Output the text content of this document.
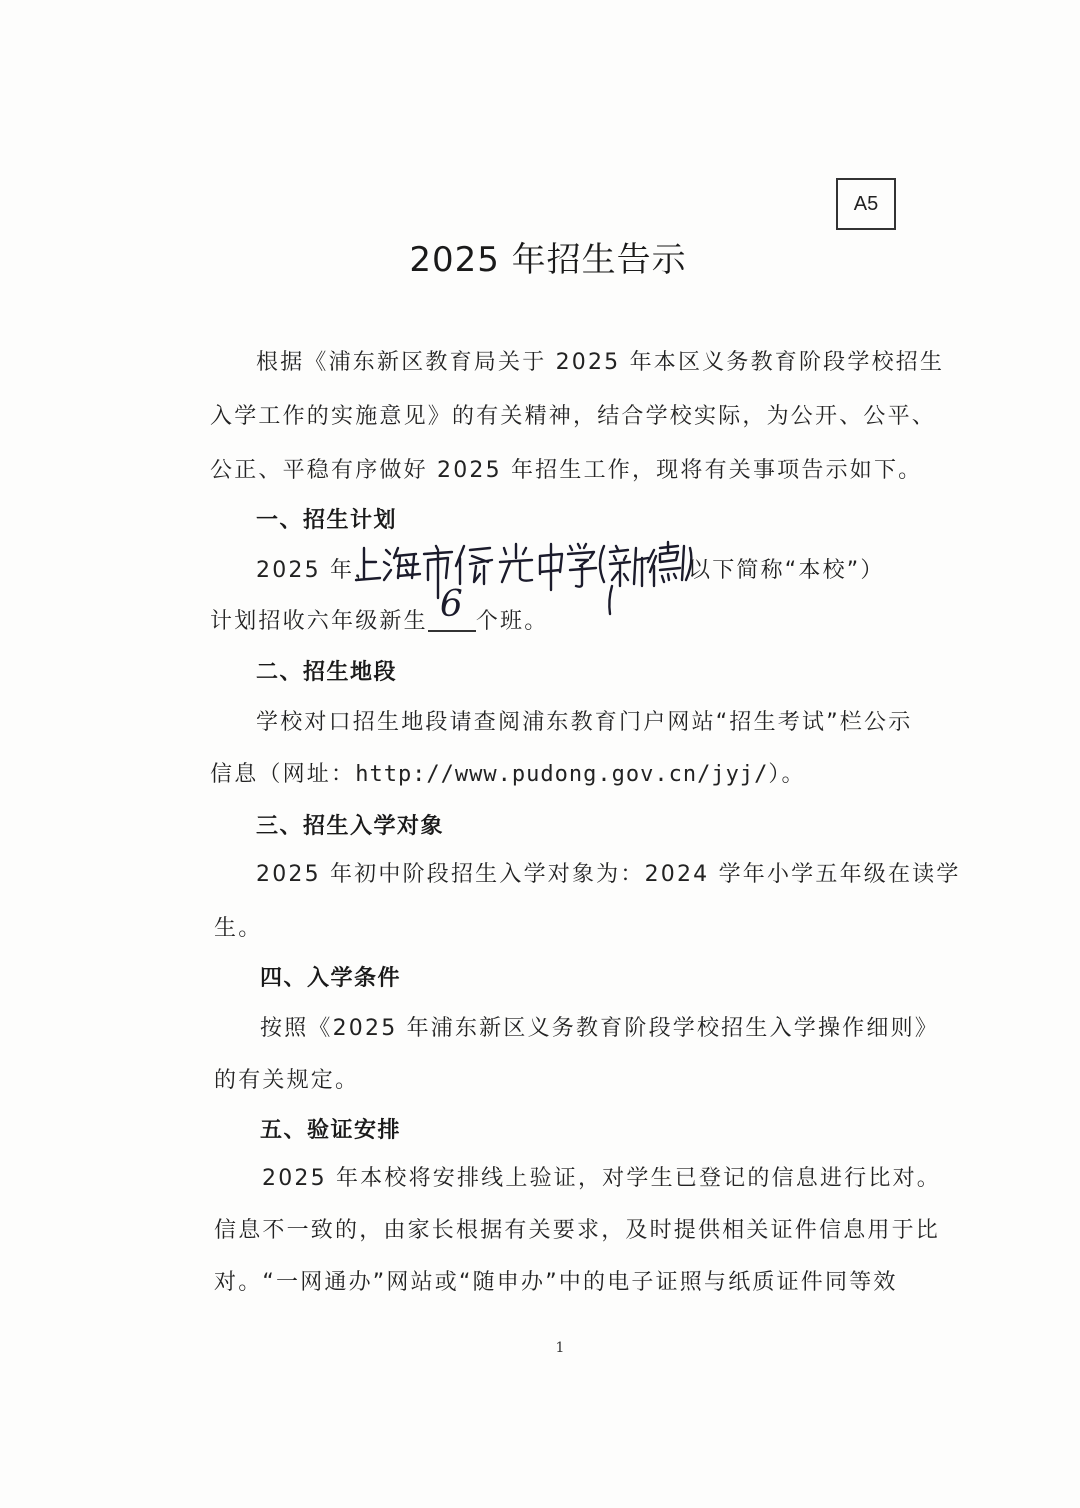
A5
2025 年招生告示
根据《浦东新区教育局关于 2025 年本区义务教育阶段学校招生
入学工作的实施意见》的有关精神，结合学校实际，为公开、公平、
公正、平稳有序做好 2025 年招生工作，现将有关事项告示如下。
一、招生计划
2025 年，	以下简称“本校”）
计划招收六年级新生 6 个班。
二、招生地段
学校对口招生地段请查阅浦东教育门户网站“招生考试”栏公示
信息（网址：http://www.pudong.gov.cn/jyj/）。
三、招生入学对象
2025 年初中阶段招生入学对象为：2024 学年小学五年级在读学
生。
四、入学条件
按照《2025 年浦东新区义务教育阶段学校招生入学操作细则》
的有关规定。
五、验证安排
2025 年本校将安排线上验证，对学生已登记的信息进行比对。
信息不一致的，由家长根据有关要求，及时提供相关证件信息用于比
对。“一网通办”网站或“随申办”中的电子证照与纸质证件同等效
1
